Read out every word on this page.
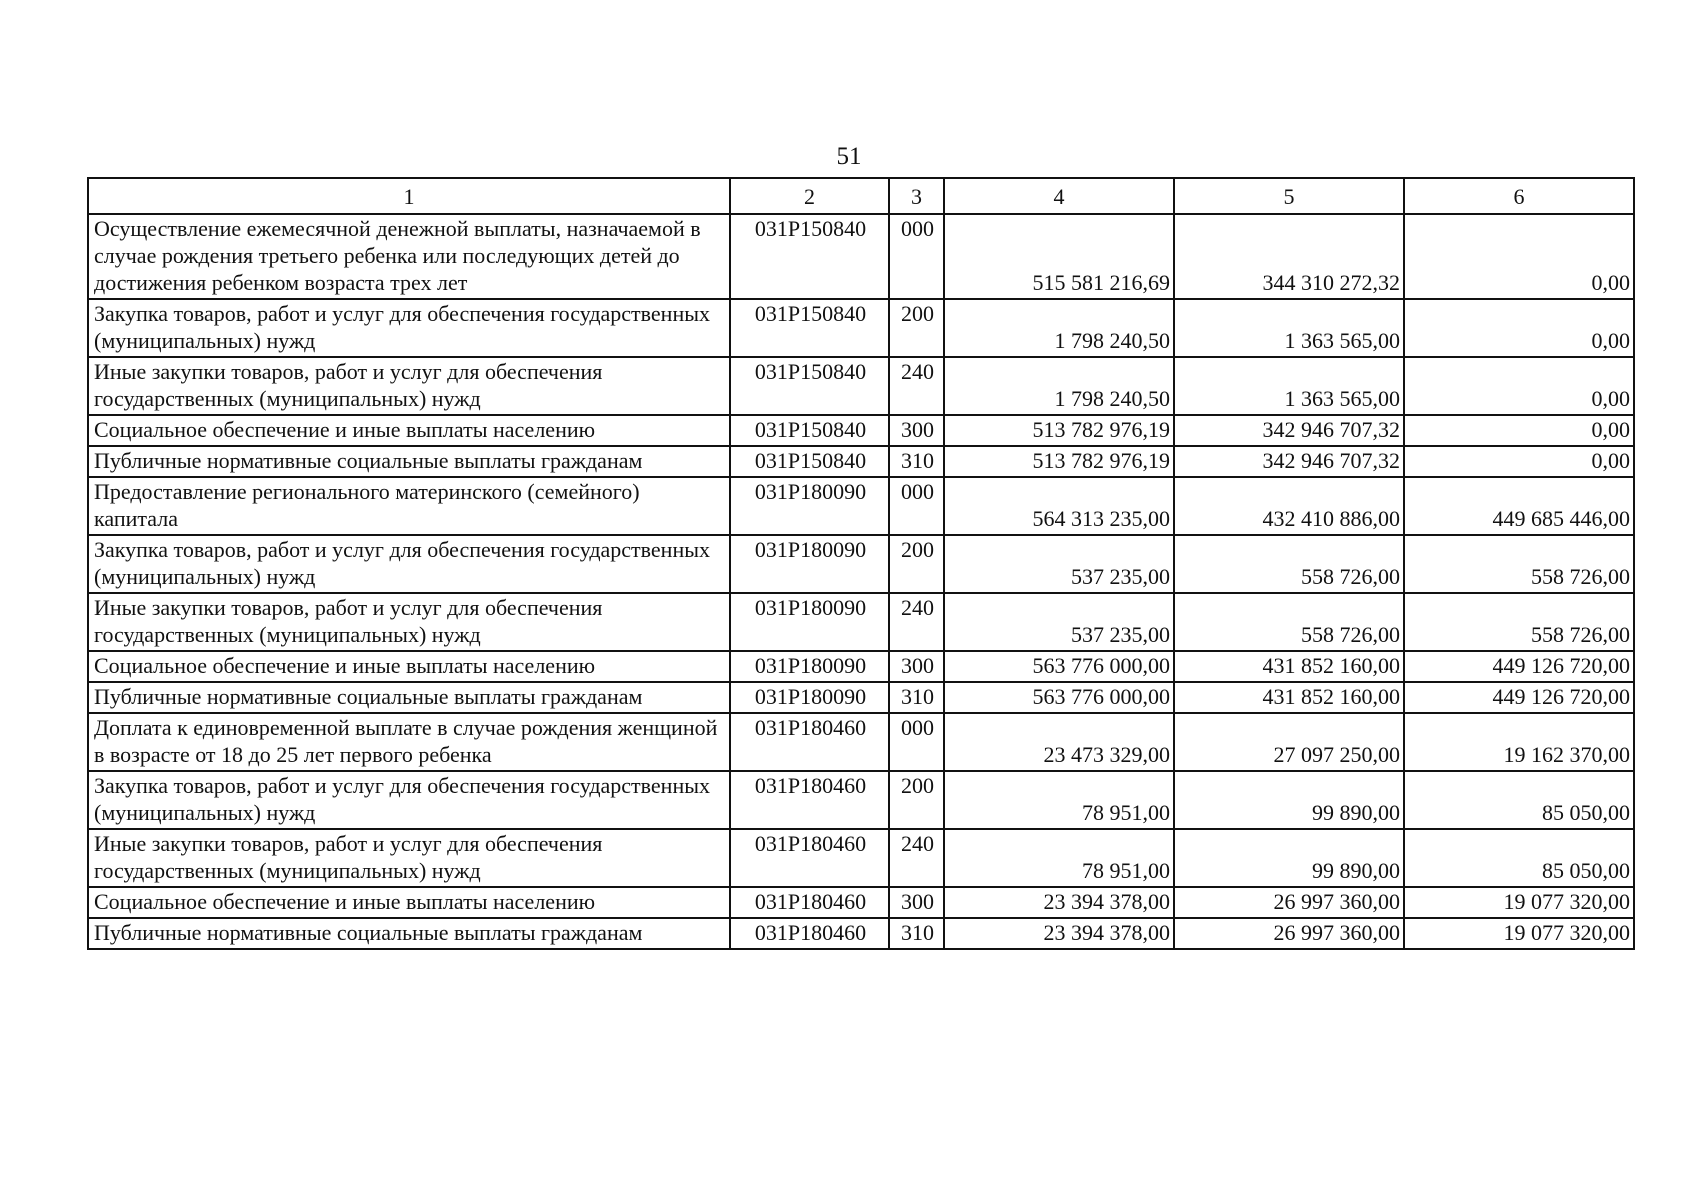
51
1	2	3	4	5	6
Осуществление ежемесячной денежной выплаты, назначаемой в случае рождения третьего ребенка или последующих детей до достижения ребенком возраста трех лет	031P150840	000	515 581 216,69	344 310 272,32	0,00
Закупка товаров, работ и услуг для обеспечения государственных (муниципальных) нужд	031P150840	200	1 798 240,50	1 363 565,00	0,00
Иные закупки товаров, работ и услуг для обеспечения государственных (муниципальных) нужд	031P150840	240	1 798 240,50	1 363 565,00	0,00
Социальное обеспечение и иные выплаты населению	031P150840	300	513 782 976,19	342 946 707,32	0,00
Публичные нормативные социальные выплаты гражданам	031P150840	310	513 782 976,19	342 946 707,32	0,00
Предоставление регионального материнского (семейного) капитала	031P180090	000	564 313 235,00	432 410 886,00	449 685 446,00
Закупка товаров, работ и услуг для обеспечения государственных (муниципальных) нужд	031P180090	200	537 235,00	558 726,00	558 726,00
Иные закупки товаров, работ и услуг для обеспечения государственных (муниципальных) нужд	031P180090	240	537 235,00	558 726,00	558 726,00
Социальное обеспечение и иные выплаты населению	031P180090	300	563 776 000,00	431 852 160,00	449 126 720,00
Публичные нормативные социальные выплаты гражданам	031P180090	310	563 776 000,00	431 852 160,00	449 126 720,00
Доплата к единовременной выплате в случае рождения женщиной в возрасте от 18 до 25 лет первого ребенка	031P180460	000	23 473 329,00	27 097 250,00	19 162 370,00
Закупка товаров, работ и услуг для обеспечения государственных (муниципальных) нужд	031P180460	200	78 951,00	99 890,00	85 050,00
Иные закупки товаров, работ и услуг для обеспечения государственных (муниципальных) нужд	031P180460	240	78 951,00	99 890,00	85 050,00
Социальное обеспечение и иные выплаты населению	031P180460	300	23 394 378,00	26 997 360,00	19 077 320,00
Публичные нормативные социальные выплаты гражданам	031P180460	310	23 394 378,00	26 997 360,00	19 077 320,00
